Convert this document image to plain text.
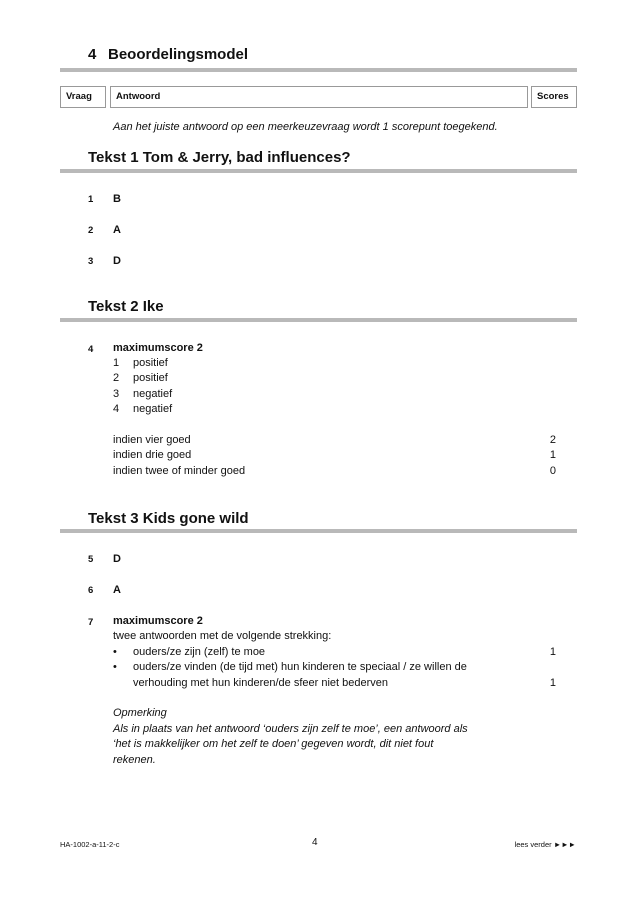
4 Beoordelingsmodel
Vraag	Antwoord	Scores
Aan het juiste antwoord op een meerkeuzevraag wordt 1 scorepunt toegekend.
Tekst 1 Tom & Jerry, bad influences?
1 B
2 A
3 D
Tekst 2 Ike
4 maximumscore 2
1 positief
2 positief
3 negatief
4 negatief
indien vier goed	2
indien drie goed	1
indien twee of minder goed	0
Tekst 3 Kids gone wild
5 D
6 A
7 maximumscore 2
twee antwoorden met de volgende strekking:
• ouders/ze zijn (zelf) te moe	1
• ouders/ze vinden (de tijd met) hun kinderen te speciaal / ze willen de
verhouding met hun kinderen/de sfeer niet bederven	1
Opmerking
Als in plaats van het antwoord ‘ouders zijn zelf te moe’, een antwoord als
‘het is makkelijker om het zelf te doen’ gegeven wordt, dit niet fout
rekenen.
HA-1002-a-11-2-c	4	lees verder ►►►
